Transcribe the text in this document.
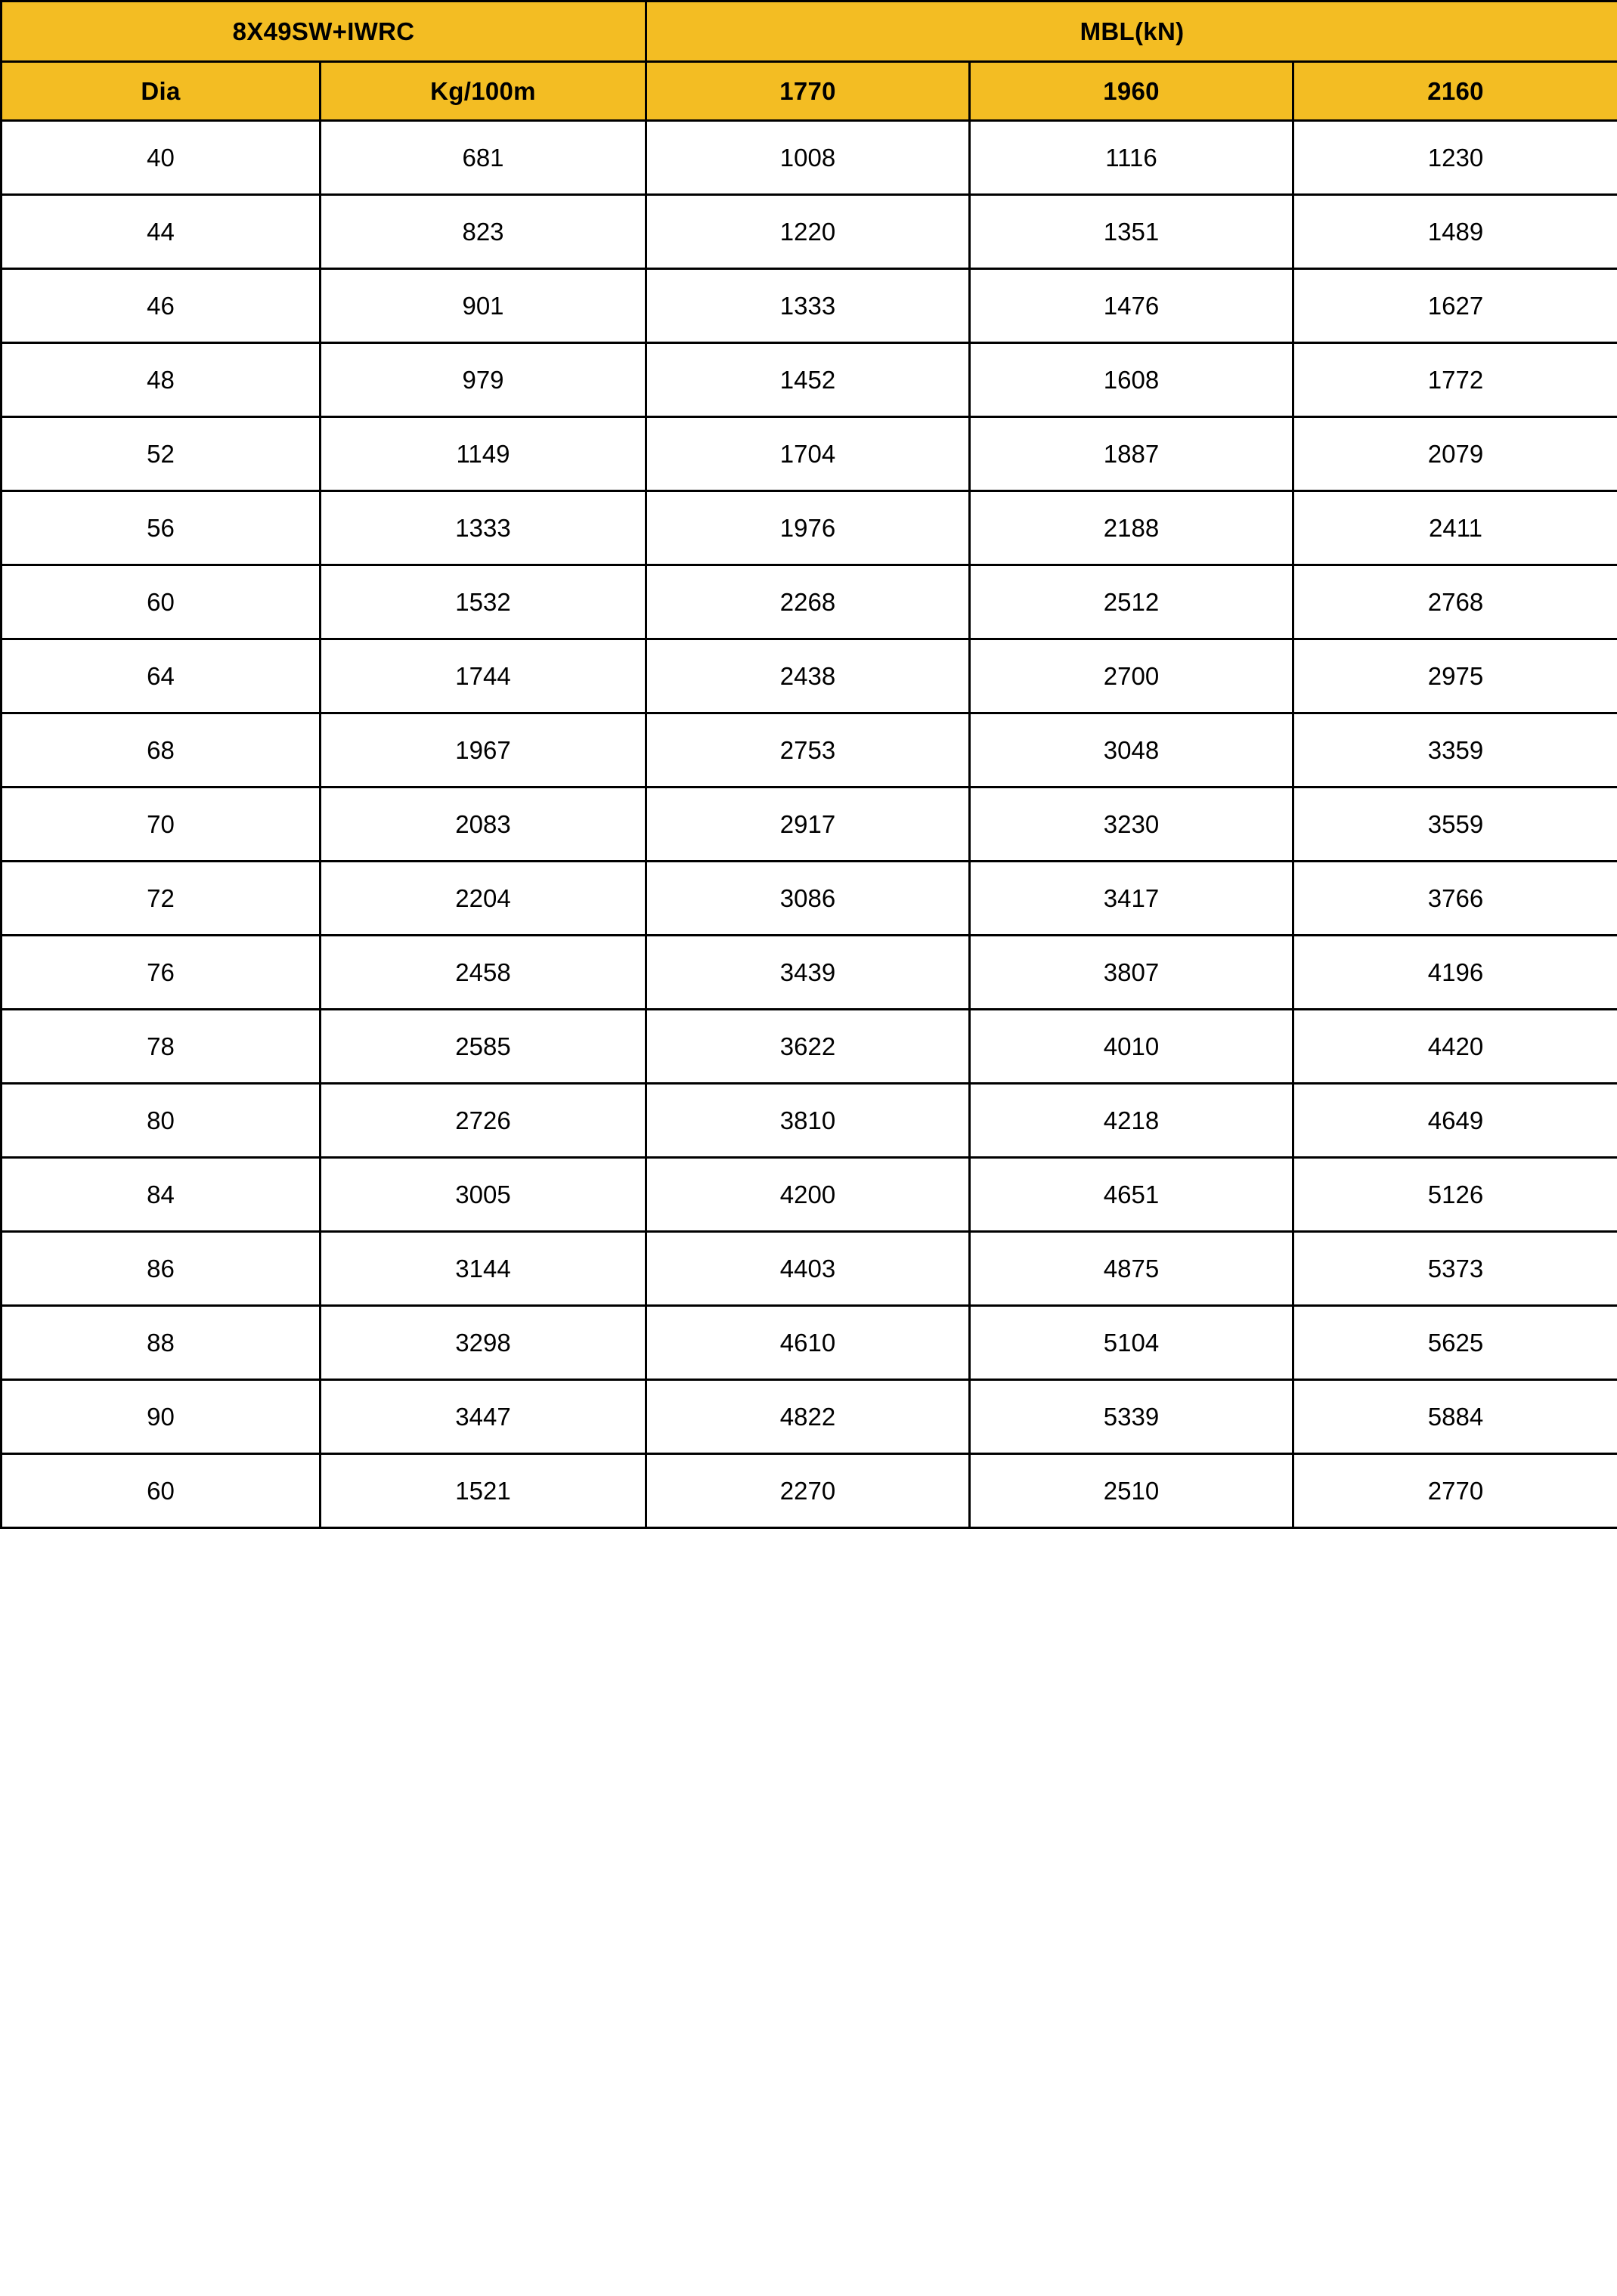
8X49SW+IWRC		MBL(kN)		
Dia	Kg/100m	1770	1960	2160
40	681	1008	1116	1230
44	823	1220	1351	1489
46	901	1333	1476	1627
48	979	1452	1608	1772
52	1149	1704	1887	2079
56	1333	1976	2188	2411
60	1532	2268	2512	2768
64	1744	2438	2700	2975
68	1967	2753	3048	3359
70	2083	2917	3230	3559
72	2204	3086	3417	3766
76	2458	3439	3807	4196
78	2585	3622	4010	4420
80	2726	3810	4218	4649
84	3005	4200	4651	5126
86	3144	4403	4875	5373
88	3298	4610	5104	5625
90	3447	4822	5339	5884
60	1521	2270	2510	2770
